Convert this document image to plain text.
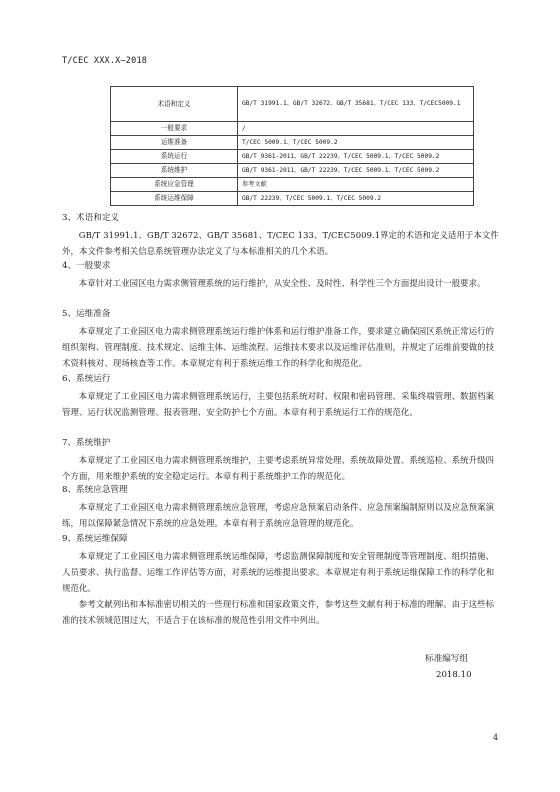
T/CEC XXX.X—2018
术语和定义	GB/T 31991.1、GB/T 32672、GB/T 35681、T/CEC 133、T/CEC5009.1
一般要求	/
运维准备	T/CEC 5009.1、T/CEC 5009.2
系统运行	GB/T 9361-2011、GB/T 22239、T/CEC 5009.1、T/CEC 5009.2
系统维护	GB/T 9361-2011、GB/T 22239、T/CEC 5009.1、T/CEC 5009.2
系统应急管理	参考文献
系统运维保障	GB/T 22239、T/CEC 5009.1、T/CEC 5009.2
3、术语和定义

GB/T 31991.1、GB/T 32672、GB/T 35681、T/CEC 133、T/CEC5009.1界定的术语和定义适用于本文件外，本文件参考相关信息系统管理办法定义了与本标准相关的几个术语。

4、一般要求

本章针对工业园区电力需求侧管理系统的运行维护，从安全性、及时性、科学性三个方面提出设计一般要求。

5、运维准备

本章规定了工业园区电力需求侧管理系统运行维护体系和运行维护准备工作，要求建立确保园区系统正常运行的组织架构、管理制度、技术规定、运维主体、运维流程、运维技术要求以及运维评估准则，并规定了运维前要做的技术资料核对、现场核查等工作。本章规定有利于系统运维工作的科学化和规范化。

6、系统运行

本章规定了工业园区电力需求侧管理系统运行，主要包括系统对时、权限和密码管理、采集终端管理、数据档案管理、运行状况监测管理、报表管理、安全防护七个方面。本章有利于系统运行工作的规范化。

7、系统维护

本章规定了工业园区电力需求侧管理系统维护，主要考虑系统异常处理、系统故障处置、系统巡检、系统升级四个方面，用来维护系统的安全稳定运行。本章有利于系统维护工作的规范化。

8、系统应急管理

本章规定了工业园区电力需求侧管理系统应急管理，考虑应急预案启动条件、应急预案编制原则以及应急预案演练，用以保障紧急情况下系统的应急处理。本章有利于系统应急管理的规范化。

9、系统运维保障

本章规定了工业园区电力需求侧管理系统运维保障，考虑监测保障制度和安全管理制度等管理制度、组织措施、人员要求、执行监督、运维工作评估等方面，对系统的运维提出要求。本章规定有利于系统运维保障工作的科学化和规范化。

参考文献列出和本标准密切相关的一些现行标准和国家政策文件，参考这些文献有利于标准的理解。由于这些标准的技术领域范围过大，不适合于在该标准的规范性引用文件中列出。

标准编写组
2018.10
4
